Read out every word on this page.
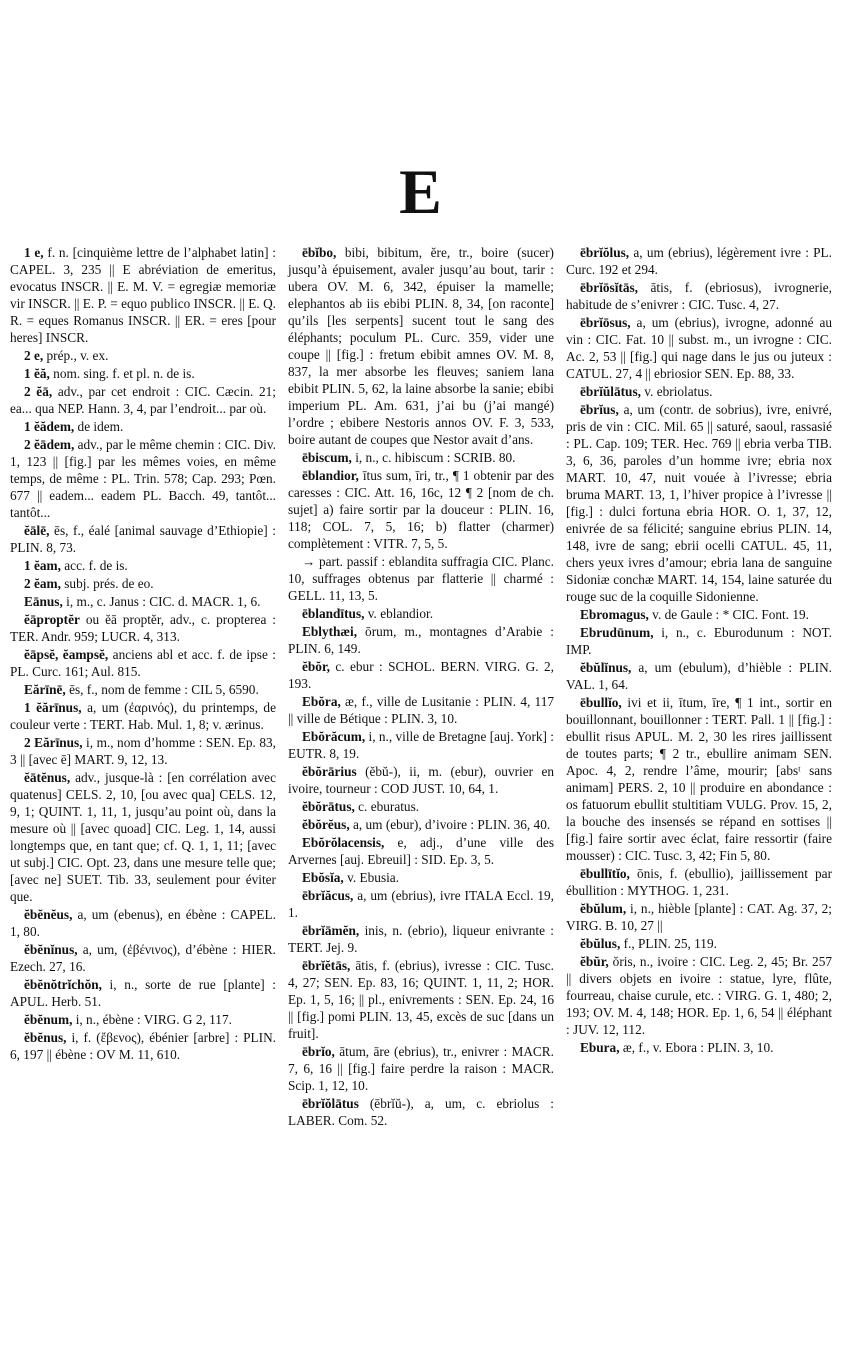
E

1 e, f. n. [cinquième lettre de l’alphabet latin] : CAPEL. 3, 235 || E abréviation de emeritus, evocatus INSCR. || E. M. V. = egregiæ memoriæ vir INSCR. || E. P. = equo publico INSCR. || E. Q. R. = eques Romanus INSCR. || ER. = eres [pour heres] INSCR.

2 e, prép., v. ex.

1 ĕă, nom. sing. f. et pl. n. de is.

2 ĕā, adv., par cet endroit : CIC. Cæcin. 21; ea... qua NEP. Hann. 3, 4, par l’endroit... par où.

1 ĕădem, de idem.

2 ĕādem, adv., par le même chemin : CIC. Div. 1, 123 || [fig.] par les mêmes voies, en même temps, de même : PL. Trin. 578; Cap. 293; Pœn. 677 || eadem... eadem PL. Bacch. 49, tantôt... tantôt...

ĕālē, ēs, f., éalé [animal sauvage d’Ethiopie] : PLIN. 8, 73.

1 ĕam, acc. f. de is.

2 ĕam, subj. prés. de eo.

Eānus, i, m., c. Janus : CIC. d. MACR. 1, 6.

ĕāproptĕr ou ĕā proptĕr, adv., c. propterea : TER. Andr. 959; LUCR. 4, 313.

ĕāpsĕ, ĕampsĕ, anciens abl et acc. f. de ipse : PL. Curc. 161; Aul. 815.

Eărīnē, ēs, f., nom de femme : CIL 5, 6590.

1 ĕărīnus, a, um (ἐαρινός), du printemps, de couleur verte : TERT. Hab. Mul. 1, 8; v. ærinus.

2 Eărīnus, i, m., nom d’homme : SEN. Ep. 83, 3 || [avec ē] MART. 9, 12, 13.

ĕātĕnus, adv., jusque-là : [en corrélation avec quatenus] CELS. 2, 10, [ou avec qua] CELS. 12, 9, 1; QUINT. 1, 11, 1, jusqu’au point où, dans la mesure où || [avec quoad] CIC. Leg. 1, 14, aussi longtemps que, en tant que; cf. Q. 1, 1, 11; [avec ut subj.] CIC. Opt. 23, dans une mesure telle que; [avec ne] SUET. Tib. 33, seulement pour éviter que.

ĕbĕnĕus, a, um (ebenus), en ébène : CAPEL. 1, 80.

ĕbĕnĭnus, a, um, (ἐβένινος), d’ébène : HIER. Ezech. 27, 16.

ĕbĕnŏtrĭchŏn, i, n., sorte de rue [plante] : APUL. Herb. 51.

ĕbĕnum, i, n., ébène : VIRG. G 2, 117.

ĕbĕnus, i, f. (ἔβενος), ébénier [arbre] : PLIN. 6, 197 || ébène : OV M. 11, 610.

ēbĭbo, bibi, bibitum, ĕre, tr., boire (sucer) jusqu’à épuisement, avaler jusqu’au bout, tarir : ubera OV. M. 6, 342, épuiser la mamelle; elephantos ab iis ebibi PLIN. 8, 34, [on raconte] qu’ils [les serpents] sucent tout le sang des éléphants; poculum PL. Curc. 359, vider une coupe || [fig.] : fretum ebibit amnes OV. M. 8, 837, la mer absorbe les fleuves; saniem lana ebibit PLIN. 5, 62, la laine absorbe la sanie; ebibi imperium PL. Am. 631, j’ai bu (j’ai mangé) l’ordre ; ebibere Nestoris annos OV. F. 3, 533, boire autant de coupes que Nestor avait d’ans.

ēbiscum, i, n., c. hibiscum : SCRIB. 80.

ēblandior, ītus sum, īri, tr., ¶ 1 obtenir par des caresses : CIC. Att. 16, 16c, 12 ¶ 2 [nom de ch. sujet] a) faire sortir par la douceur : PLIN. 16, 118; COL. 7, 5, 16; b) flatter (charmer) complètement : VITR. 7, 5, 5.

→ part. passif : eblandita suffragia CIC. Planc. 10, suffrages obtenus par flatterie || charmé : GELL. 11, 13, 5.

ēblandītus, v. eblandior.

Eblythæi, ōrum, m., montagnes d’Arabie : PLIN. 6, 149.

ĕbŏr, c. ebur : SCHOL. BERN. VIRG. G. 2, 193.

Ebŏra, æ, f., ville de Lusitanie : PLIN. 4, 117 || ville de Bétique : PLIN. 3, 10.

Ebŏrăcum, i, n., ville de Bretagne [auj. York] : EUTR. 8, 19.

ĕbŏrārius (ĕbŭ-), ii, m. (ebur), ouvrier en ivoire, tourneur : COD JUST. 10, 64, 1.

ĕbŏrātus, c. eburatus.

ĕbŏrĕus, a, um (ebur), d’ivoire : PLIN. 36, 40.

Ebŏrŏlacensis, e, adj., d’une ville des Arvernes [auj. Ebreuil] : SID. Ep. 3, 5.

Ebŏsĭa, v. Ebusia.

ēbrĭăcus, a, um (ebrius), ivre ITALA Eccl. 19, 1.

ēbrĭāmĕn, inis, n. (ebrio), liqueur enivrante : TERT. Jej. 9.

ēbrĭĕtās, ātis, f. (ebrius), ivresse : CIC. Tusc. 4, 27; SEN. Ep. 83, 16; QUINT. 1, 11, 2; HOR. Ep. 1, 5, 16; || pl., enivrements : SEN. Ep. 24, 16 || [fig.] pomi PLIN. 13, 45, excès de suc [dans un fruit].

ēbrĭo, ātum, āre (ebrius), tr., enivrer : MACR. 7, 6, 16 || [fig.] faire perdre la raison : MACR. Scip. 1, 12, 10.

ēbrĭŏlātus (ēbrĭŭ-), a, um, c. ebriolus : LABER. Com. 52.

ēbrĭŏlus, a, um (ebrius), légèrement ivre : PL. Curc. 192 et 294.

ēbrĭōsĭtās, ātis, f. (ebriosus), ivrognerie, habitude de s’enivrer : CIC. Tusc. 4, 27.

ēbrĭōsus, a, um (ebrius), ivrogne, adonné au vin : CIC. Fat. 10 || subst. m., un ivrogne : CIC. Ac. 2, 53 || [fig.] qui nage dans le jus ou juteux : CATUL. 27, 4 || ebriosior SEN. Ep. 88, 33.

ēbrĭŭlātus, v. ebriolatus.

ēbrĭus, a, um (contr. de sobrius), ivre, enivré, pris de vin : CIC. Mil. 65 || saturé, saoul, rassasié : PL. Cap. 109; TER. Hec. 769 || ebria verba TIB. 3, 6, 36, paroles d’un homme ivre; ebria nox MART. 10, 47, nuit vouée à l’ivresse; ebria bruma MART. 13, 1, l’hiver propice à l’ivresse || [fig.] : dulci fortuna ebria HOR. O. 1, 37, 12, enivrée de sa félicité; sanguine ebrius PLIN. 14, 148, ivre de sang; ebrii ocelli CATUL. 45, 11, chers yeux ivres d’amour; ebria lana de sanguine Sidoniæ conchæ MART. 14, 154, laine saturée du rouge suc de la coquille Sidonienne.

Ebromagus, v. de Gaule : * CIC. Font. 19.

Ebrudūnum, i, n., c. Eburodunum : NOT. IMP.

ĕbŭlĭnus, a, um (ebulum), d’hièble : PLIN. VAL. 1, 64.

ēbullĭo, ivi et ii, ītum, īre, ¶ 1 int., sortir en bouillonnant, bouillonner : TERT. Pall. 1 || [fig.] : ebullit risus APUL. M. 2, 30 les rires jaillissent de toutes parts; ¶ 2 tr., ebullire animam SEN. Apoc. 4, 2, rendre l’âme, mourir; [absᵗ sans animam] PERS. 2, 10 || produire en abondance : os fatuorum ebullit stultitiam VULG. Prov. 15, 2, la bouche des insensés se répand en sottises || [fig.] faire sortir avec éclat, faire ressortir (faire mousser) : CIC. Tusc. 3, 42; Fin 5, 80.

ēbullītĭo, ōnis, f. (ebullio), jaillissement par ébullition : MYTHOG. 1, 231.

ĕbŭlum, i, n., hièble [plante] : CAT. Ag. 37, 2; VIRG. B. 10, 27 ||

ĕbŭlus, f., PLIN. 25, 119.

ĕbŭr, ŏris, n., ivoire : CIC. Leg. 2, 45; Br. 257 || divers objets en ivoire : statue, lyre, flûte, fourreau, chaise curule, etc. : VIRG. G. 1, 480; 2, 193; OV. M. 4, 148; HOR. Ep. 1, 6, 54 || éléphant : JUV. 12, 112.

Ebura, æ, f., v. Ebora : PLIN. 3, 10.
